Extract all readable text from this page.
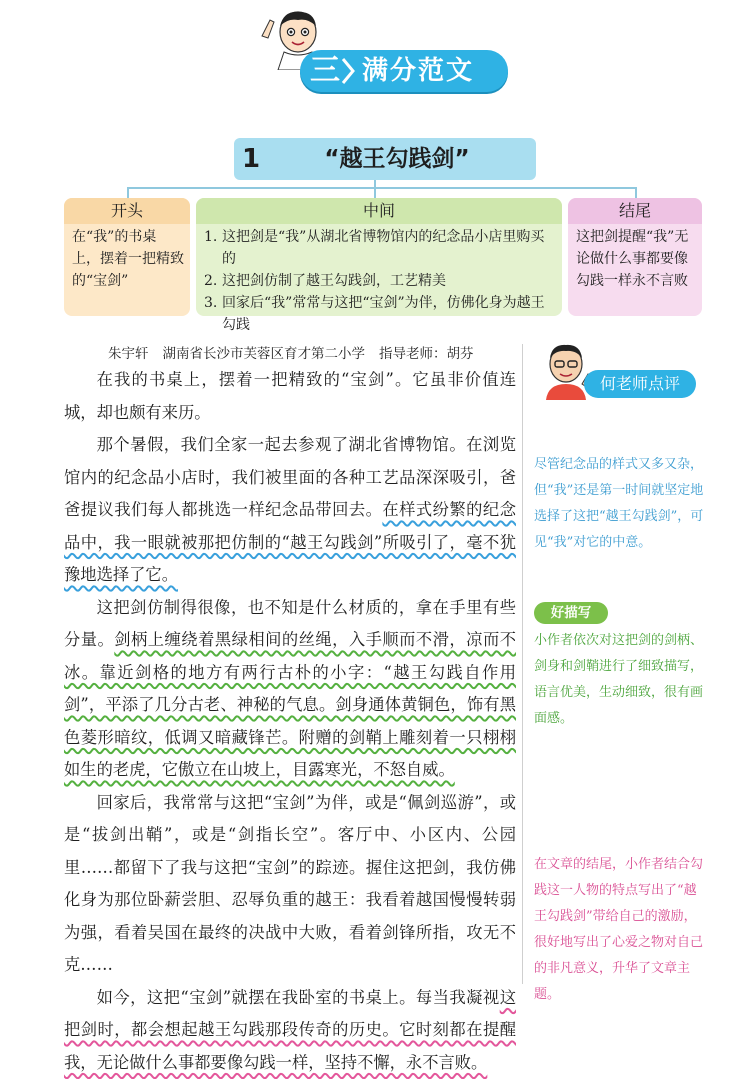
三 满分范文
1	“越王勾践剑”
开头
在“我”的书桌上，摆着一把精致的“宝剑”
中间
1. 这把剑是“我”从湖北省博物馆内的纪念品小店里购买的
2. 这把剑仿制了越王勾践剑，工艺精美
3. 回家后“我”常常与这把“宝剑”为伴，仿佛化身为越王勾践
结尾
这把剑提醒“我”无论做什么事都要像勾践一样永不言败
朱宇轩 湖南省长沙市芙蓉区育才第二小学 指导老师：胡芬

在我的书桌上，摆着一把精致的“宝剑”。它虽非价值连城，却也颇有来历。

那个暑假，我们全家一起去参观了湖北省博物馆。在浏览馆内的纪念品小店时，我们被里面的各种工艺品深深吸引，爸爸提议我们每人都挑选一样纪念品带回去。在样式纷繁的纪念品中，我一眼就被那把仿制的“越王勾践剑”所吸引了，毫不犹豫地选择了它。

这把剑仿制得很像，也不知是什么材质的，拿在手里有些分量。剑柄上缠绕着黑绿相间的丝绳，入手顺而不滑，凉而不冰。靠近剑格的地方有两行古朴的小字：“越王勾践自作用剑”，平添了几分古老、神秘的气息。剑身通体黄铜色，饰有黑色菱形暗纹，低调又暗藏锋芒。附赠的剑鞘上雕刻着一只栩栩如生的老虎，它傲立在山坡上，目露寒光，不怒自威。

回家后，我常常与这把“宝剑”为伴，或是“佩剑巡游”，或是“拔剑出鞘”，或是“剑指长空”。客厅中、小区内、公园里……都留下了我与这把“宝剑”的踪迹。握住这把剑，我仿佛化身为那位卧薪尝胆、忍辱负重的越王：我看着越国慢慢转弱为强，看着吴国在最终的决战中大败，看着剑锋所指，攻无不克……

如今，这把“宝剑”就摆在我卧室的书桌上。每当我凝视这把剑时，都会想起越王勾践那段传奇的历史。它时刻都在提醒我，无论做什么事都要像勾践一样，坚持不懈，永不言败。

何老师点评
尽管纪念品的样式又多又杂，但“我”还是第一时间就坚定地选择了这把“越王勾践剑”，可见“我”对它的中意。
好描写
小作者依次对这把剑的剑柄、剑身和剑鞘进行了细致描写，语言优美，生动细致，很有画面感。
在文章的结尾，小作者结合勾践这一人物的特点写出了“越王勾践剑”带给自己的激励，很好地写出了心爱之物对自己的非凡意义，升华了文章主题。
